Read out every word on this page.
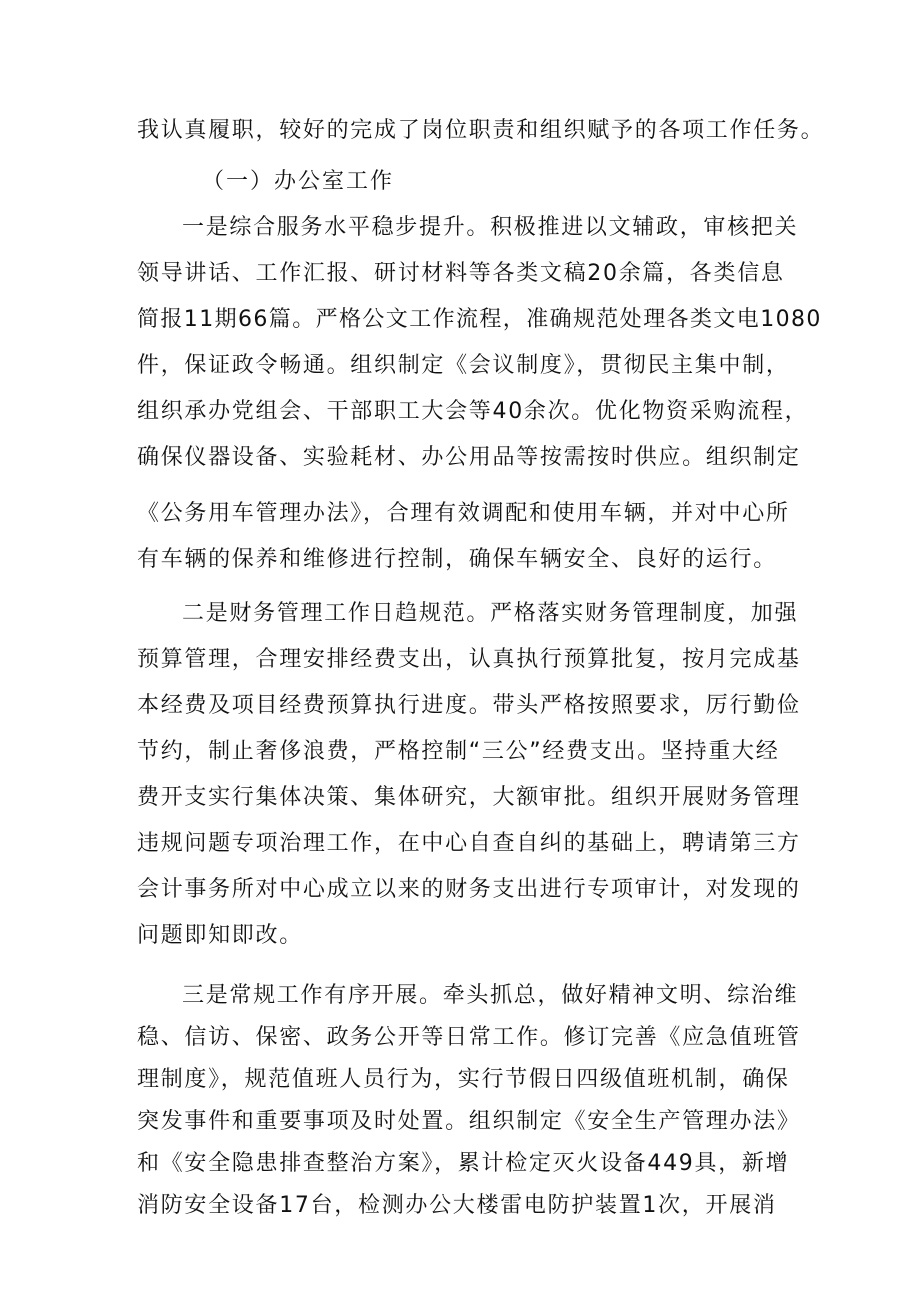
我认真履职，较好的完成了岗位职责和组织赋予的各项工作任务。
（一）办公室工作
一是综合服务水平稳步提升。积极推进以文辅政，审核把关
领导讲话、工作汇报、研讨材料等各类文稿20余篇，各类信息
简报11期66篇。严格公文工作流程，准确规范处理各类文电1080
件，保证政令畅通。组织制定《会议制度》，贯彻民主集中制，
组织承办党组会、干部职工大会等40余次。优化物资采购流程，
确保仪器设备、实验耗材、办公用品等按需按时供应。组织制定
《公务用车管理办法》，合理有效调配和使用车辆，并对中心所
有车辆的保养和维修进行控制，确保车辆安全、良好的运行。
二是财务管理工作日趋规范。严格落实财务管理制度，加强
预算管理，合理安排经费支出，认真执行预算批复，按月完成基
本经费及项目经费预算执行进度。带头严格按照要求，厉行勤俭
节约，制止奢侈浪费，严格控制“三公”经费支出。坚持重大经
费开支实行集体决策、集体研究，大额审批。组织开展财务管理
违规问题专项治理工作，在中心自查自纠的基础上，聘请第三方
会计事务所对中心成立以来的财务支出进行专项审计，对发现的
问题即知即改。
三是常规工作有序开展。牵头抓总，做好精神文明、综治维
稳、信访、保密、政务公开等日常工作。修订完善《应急值班管
理制度》，规范值班人员行为，实行节假日四级值班机制，确保
突发事件和重要事项及时处置。组织制定《安全生产管理办法》
和《安全隐患排查整治方案》，累计检定灭火设备449具，新增
消防安全设备17台，检测办公大楼雷电防护装置1次，开展消
